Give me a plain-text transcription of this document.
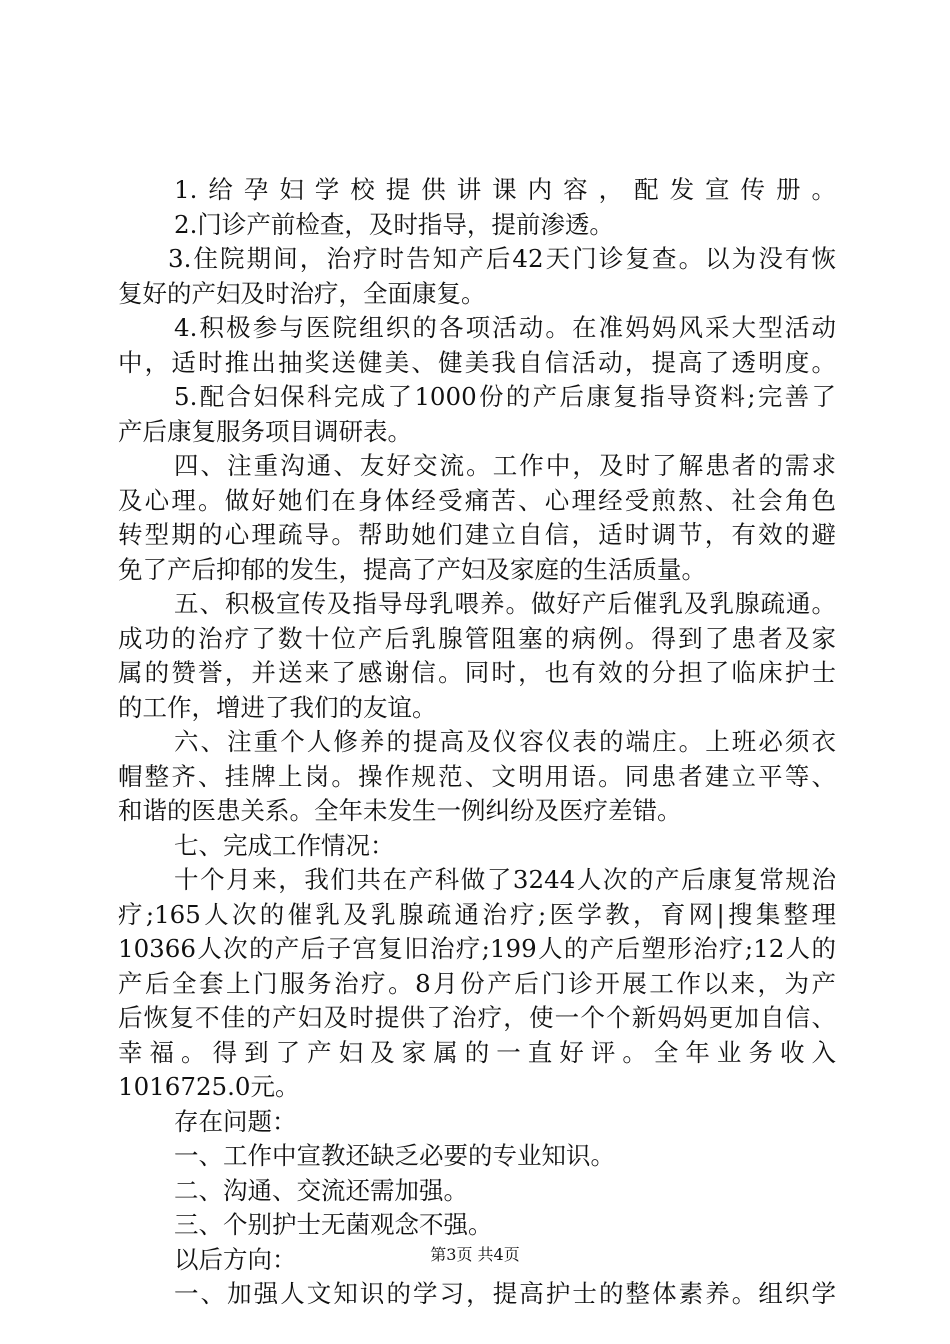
1.给孕妇学校提供讲课内容，配发宣传册。
2.门诊产前检查，及时指导，提前渗透。
3.住院期间，治疗时告知产后42天门诊复查。以为没有恢
复好的产妇及时治疗，全面康复。
4.积极参与医院组织的各项活动。在准妈妈风采大型活动
中，适时推出抽奖送健美、健美我自信活动，提高了透明度。
5.配合妇保科完成了1000份的产后康复指导资料;完善了
产后康复服务项目调研表。
四、注重沟通、友好交流。工作中，及时了解患者的需求
及心理。做好她们在身体经受痛苦、心理经受煎熬、社会角色
转型期的心理疏导。帮助她们建立自信，适时调节，有效的避
免了产后抑郁的发生，提高了产妇及家庭的生活质量。
五、积极宣传及指导母乳喂养。做好产后催乳及乳腺疏通。
成功的治疗了数十位产后乳腺管阻塞的病例。得到了患者及家
属的赞誉，并送来了感谢信。同时，也有效的分担了临床护士
的工作，增进了我们的友谊。
六、注重个人修养的提高及仪容仪表的端庄。上班必须衣
帽整齐、挂牌上岗。操作规范、文明用语。同患者建立平等、
和谐的医患关系。全年未发生一例纠纷及医疗差错。
七、完成工作情况：
十个月来，我们共在产科做了3244人次的产后康复常规治
疗;165人次的催乳及乳腺疏通治疗;医学教，育网|搜集整理
10366人次的产后子宫复旧治疗;199人的产后塑形治疗;12人的
产后全套上门服务治疗。8月份产后门诊开展工作以来，为产
后恢复不佳的产妇及时提供了治疗，使一个个新妈妈更加自信、
幸福。得到了产妇及家属的一直好评。全年业务收入
1016725.0元。
存在问题：
一、工作中宣教还缺乏必要的专业知识。
二、沟通、交流还需加强。
三、个别护士无菌观念不强。
以后方向：
一、加强人文知识的学习，提高护士的整体素养。组织学
第3页 共4页
